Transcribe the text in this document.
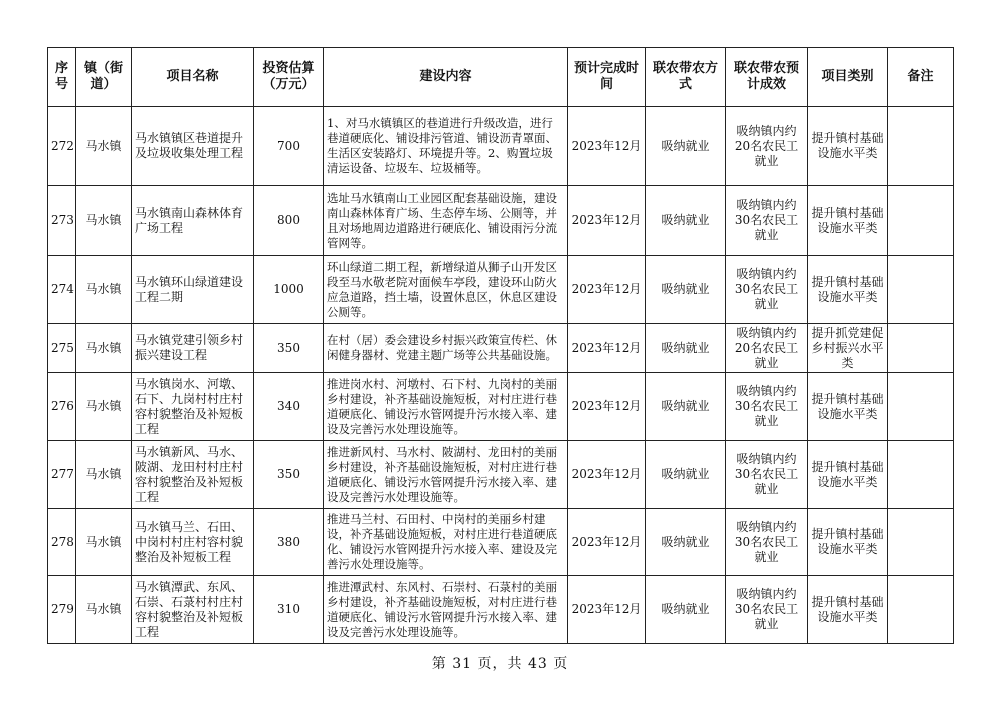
序号	镇（街道）	项目名称	投资估算（万元）	建设内容	预计完成时间	联农带农方式	联农带农预计成效	项目类别	备注
272	马水镇	马水镇镇区巷道提升及垃圾收集处理工程	700	1、对马水镇镇区的巷道进行升级改造，进行巷道硬底化、铺设排污管道、铺设沥青罩面、生活区安装路灯、环境提升等。2、购置垃圾清运设备、垃圾车、垃圾桶等。	2023年12月	吸纳就业	吸纳镇内约20名农民工就业	提升镇村基础设施水平类	
273	马水镇	马水镇南山森林体育广场工程	800	选址马水镇南山工业园区配套基础设施，建设南山森林体育广场、生态停车场、公厕等，并且对场地周边道路进行硬底化、铺设雨污分流管网等。	2023年12月	吸纳就业	吸纳镇内约30名农民工就业	提升镇村基础设施水平类	
274	马水镇	马水镇环山绿道建设工程二期	1000	环山绿道二期工程，新增绿道从狮子山开发区段至马水敬老院对面候车亭段，建设环山防火应急道路，挡土墙，设置休息区，休息区建设公厕等。	2023年12月	吸纳就业	吸纳镇内约30名农民工就业	提升镇村基础设施水平类	
275	马水镇	马水镇党建引领乡村振兴建设工程	350	在村（居）委会建设乡村振兴政策宣传栏、休闲健身器材、党建主题广场等公共基础设施。	2023年12月	吸纳就业	吸纳镇内约20名农民工就业	提升抓党建促乡村振兴水平类	
276	马水镇	马水镇岗水、河墩、石下、九岗村村庄村容村貌整治及补短板工程	340	推进岗水村、河墩村、石下村、九岗村的美丽乡村建设，补齐基础设施短板，对村庄进行巷道硬底化、铺设污水管网提升污水接入率、建设及完善污水处理设施等。	2023年12月	吸纳就业	吸纳镇内约30名农民工就业	提升镇村基础设施水平类	
277	马水镇	马水镇新风、马水、陂湖、龙田村村庄村容村貌整治及补短板工程	350	推进新风村、马水村、陂湖村、龙田村的美丽乡村建设，补齐基础设施短板，对村庄进行巷道硬底化、铺设污水管网提升污水接入率、建设及完善污水处理设施等。	2023年12月	吸纳就业	吸纳镇内约30名农民工就业	提升镇村基础设施水平类	
278	马水镇	马水镇马兰、石田、中岗村村庄村容村貌整治及补短板工程	380	推进马兰村、石田村、中岗村的美丽乡村建设，补齐基础设施短板，对村庄进行巷道硬底化、铺设污水管网提升污水接入率、建设及完善污水处理设施等。	2023年12月	吸纳就业	吸纳镇内约30名农民工就业	提升镇村基础设施水平类	
279	马水镇	马水镇潭武、东风、石崇、石菉村村庄村容村貌整治及补短板工程	310	推进潭武村、东风村、石崇村、石菉村的美丽乡村建设，补齐基础设施短板，对村庄进行巷道硬底化、铺设污水管网提升污水接入率、建设及完善污水处理设施等。	2023年12月	吸纳就业	吸纳镇内约30名农民工就业	提升镇村基础设施水平类	
第 31 页，共 43 页
